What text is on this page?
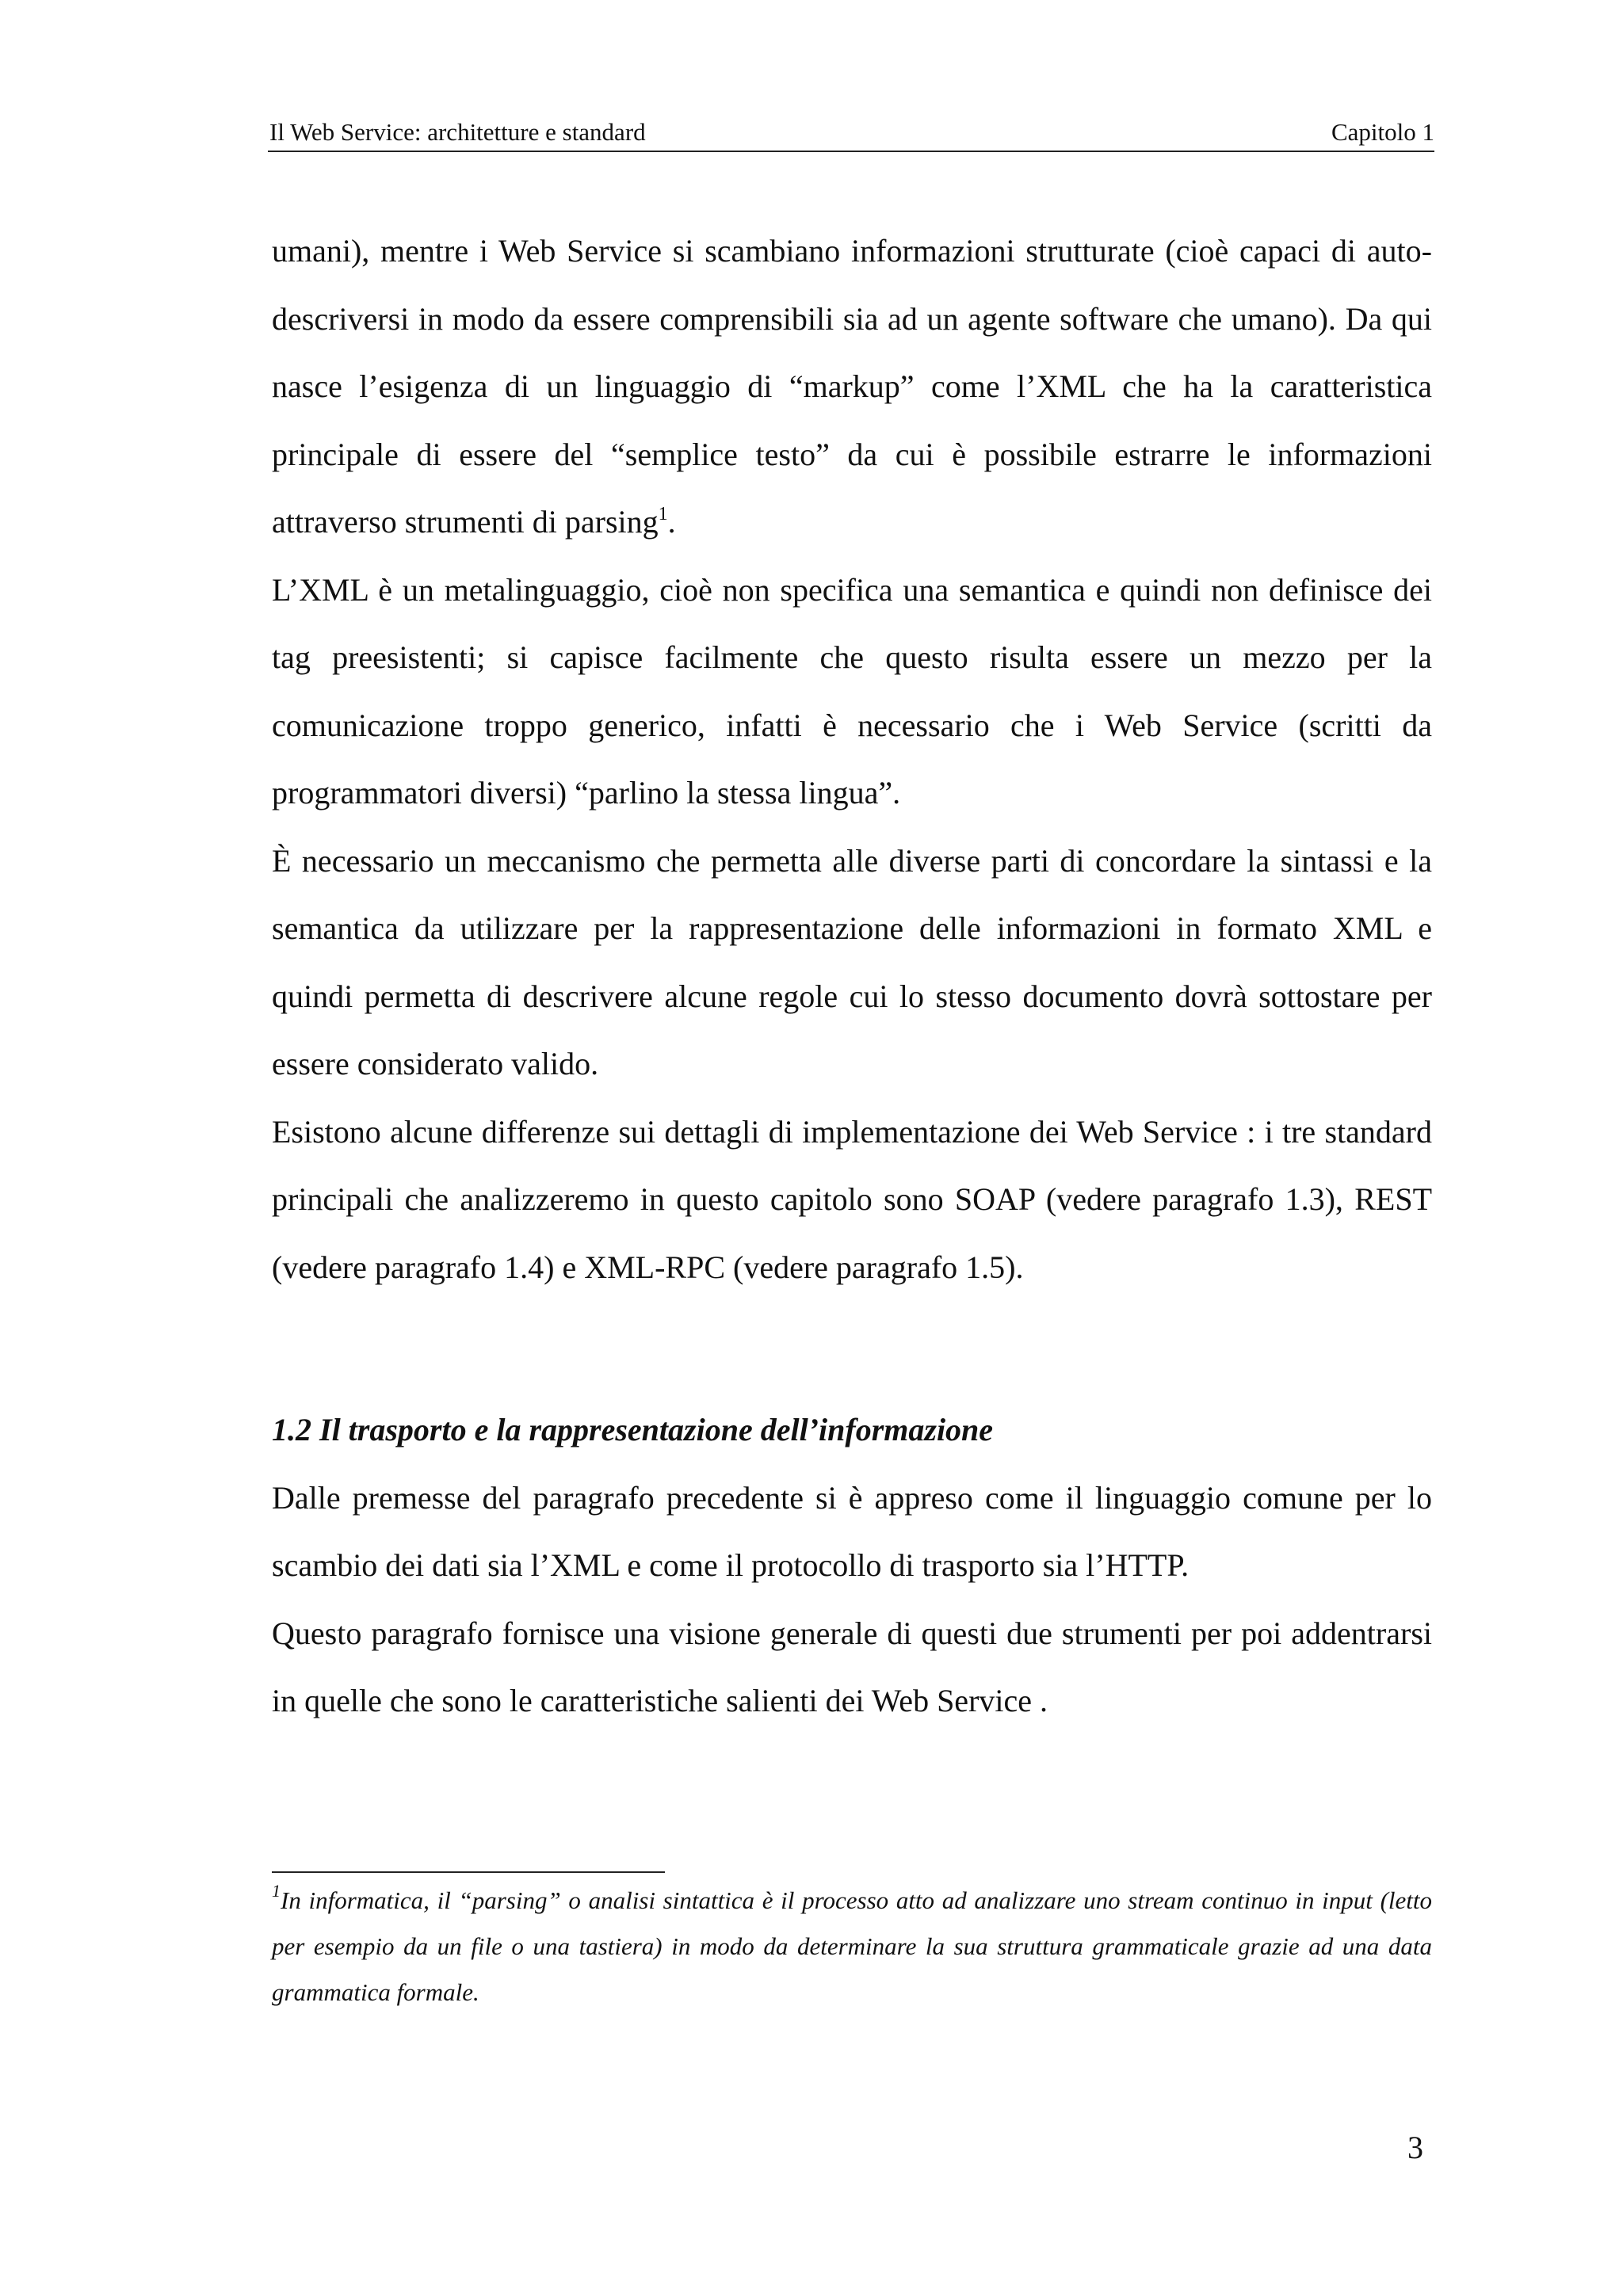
Il Web Service: architetture e standard	Capitolo 1

umani), mentre i Web Service si scambiano informazioni strutturate (cioè capaci di auto-descriversi in modo da essere comprensibili sia ad un agente software che umano). Da qui nasce l’esigenza di un linguaggio di “markup” come l’XML che ha la caratteristica principale di essere del “semplice testo” da cui è possibile estrarre le informazioni attraverso strumenti di parsing$^1$.

L’XML è un metalinguaggio, cioè non specifica una semantica e quindi non definisce dei tag preesistenti; si capisce facilmente che questo risulta essere un mezzo per la comunicazione troppo generico, infatti è necessario che i Web Service (scritti da programmatori diversi) “parlino la stessa lingua”.

È necessario un meccanismo che permetta alle diverse parti di concordare la sintassi e la semantica da utilizzare per la rappresentazione delle informazioni in formato XML e quindi permetta di descrivere alcune regole cui lo stesso documento dovrà sottostare per essere considerato valido.

Esistono alcune differenze sui dettagli di implementazione dei Web Service : i tre standard principali che analizzeremo in questo capitolo sono SOAP (vedere paragrafo 1.3), REST (vedere paragrafo 1.4) e XML-RPC (vedere paragrafo 1.5).

1.2 Il trasporto e la rappresentazione dell’informazione

Dalle premesse del paragrafo precedente si è appreso come il linguaggio comune per lo scambio dei dati sia l’XML e come il protocollo di trasporto sia l’HTTP.

Questo paragrafo fornisce una visione generale di questi due strumenti per poi addentrarsi in quelle che sono le caratteristiche salienti dei Web Service .

$^1$In informatica, il “parsing” o analisi sintattica è il processo atto ad analizzare uno stream continuo in input (letto per esempio da un file o una tastiera) in modo da determinare la sua struttura grammaticale grazie ad una data grammatica formale.
3
